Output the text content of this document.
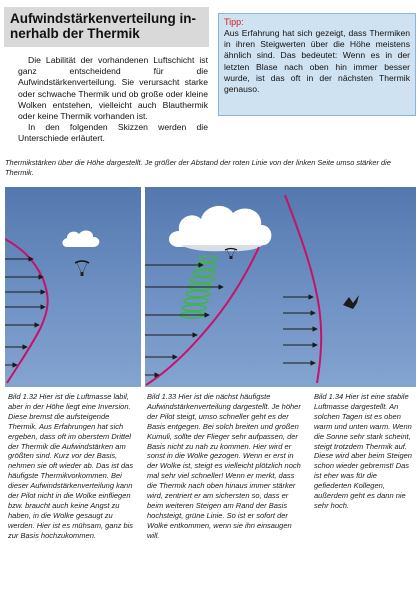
Aufwindstärkenverteilung in-
nerhalb der Thermik
Tipp:
Aus Erfahrung hat sich gezeigt, dass Thermiken in ihren Steigwerten über die Höhe meistens ähnlich sind. Das bedeutet: Wenn es in der letzten Blase nach oben hin immer besser wurde, ist das oft in der nächsten Thermik genauso.

Die Labilität der vorhandenen Luftschicht ist ganz entscheidend für die Aufwindstärkenverteilung. Sie verursacht starke oder schwache Thermik und ob große oder kleine Wolken entstehen, vielleicht auch Blauthermik oder keine Thermik vorhanden ist.

In den folgenden Skizzen werden die Unterschiede erläutert.

Thermikstärken über die Höhe dargestellt. Je größer der Abstand der roten Linie von der linken Seite umso stärker die Thermik.
Bild 1.32 Hier ist die Luftmasse labil, aber in der Höhe liegt eine Inversion. Diese bremst die aufsteigende Thermik. Aus Erfahrungen hat sich ergeben, dass oft im oberstem Drittel der Thermik die Aufwindstärken am größten sind. Kurz vor der Basis, nehmen sie oft wieder ab. Das ist das häufigste Thermikvorkommen. Bei dieser Aufwindstärkenverteilung kann der Pilot nicht in die Wolke einfliegen bzw. braucht auch keine Angst zu haben, in die Wolke gesaugt zu werden. Hier ist es mühsam, ganz bis zur Basis hochzukommen.
Bild 1.33 Hier ist die nächst häufigste Aufwindstärkenverteilung dargestellt. Je höher der Pilot steigt, umso schneller geht es der Basis entgegen. Bei solch breiten und großen Kumuli, sollte der Flieger sehr aufpassen, der Basis nicht zu nah zu kommen. Hier wird er sonst in die Wolke gezogen. Wenn er erst in der Wolke ist, steigt es vielleicht plötzlich noch mal sehr viel schneller! Wenn er merkt, dass die Thermik nach oben hinaus immer stärker wird, zentriert er am sichersten so, dass er beim weiteren Steigen am Rand der Basis hochsteigt, grüne Linie. So ist er sofort der Wolke entkommen, wenn sie ihn einsaugen will.
Bild 1.34 Hier ist eine stabile Luftmasse dargestellt. An solchen Tagen ist es oben warm und unten warm. Wenn die Sonne sehr stark scheint, steigt trotzdem Thermik auf. Diese wird aber beim Steigen schon wieder gebremst! Das ist eher was für die gefiederten Kollegen, außerdem geht es dann nie sehr hoch.
